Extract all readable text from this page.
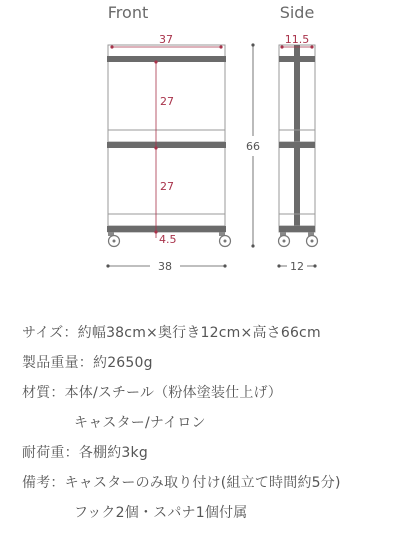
Front	Side
37
27
27
4.5
38
66
11.5
12
サイズ：約幅38cm×奥行き12cm×高さ66cm
製品重量：約2650g
材質：本体/スチール（粉体塗装仕上げ）
キャスター/ナイロン
耐荷重：各棚約3kg
備考：キャスターのみ取り付け(組立て時間約5分)
フック2個・スパナ1個付属
